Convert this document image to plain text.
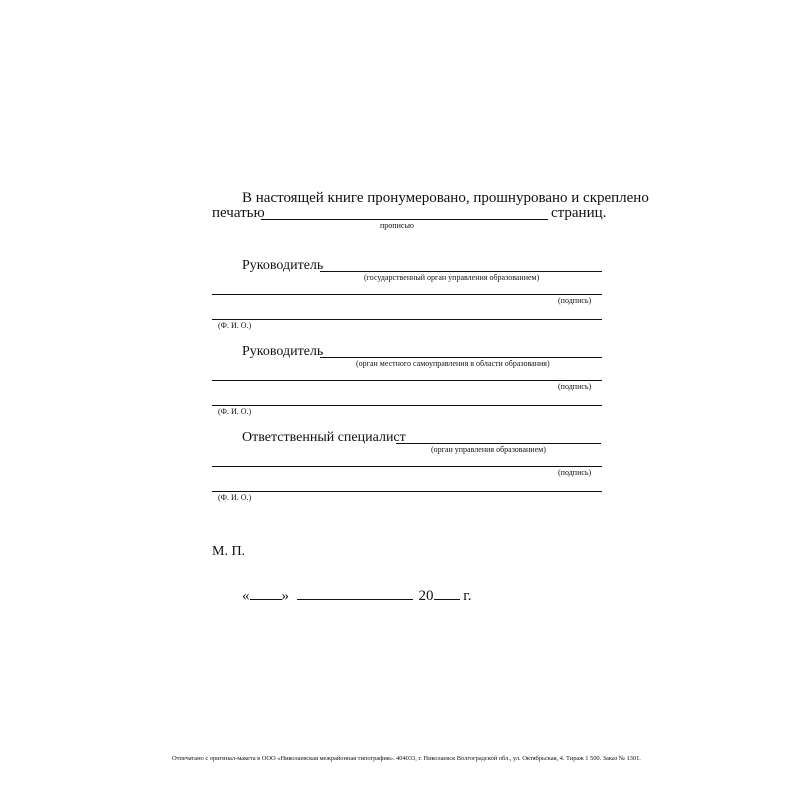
В настоящей книге пронумеровано, прошнуровано и скреплено
печатью	страниц.
прописью
Руководитель
(государственный орган управления образованием)
(подпись)
(Ф. И. О.)
Руководитель
(орган местного самоуправления в области образования)
(подпись)
(Ф. И. О.)
Ответственный специалист
(орган управления образованием)
(подпись)
(Ф. И. О.)
М. П.
« »	20 г.
Отпечатано с оригинал-макета в ООО «Николаевская межрайонная типография». 404033, г. Николаевск Волгоградской обл., ул. Октябрьская, 4. Тираж 1 500. Заказ № 1301.
